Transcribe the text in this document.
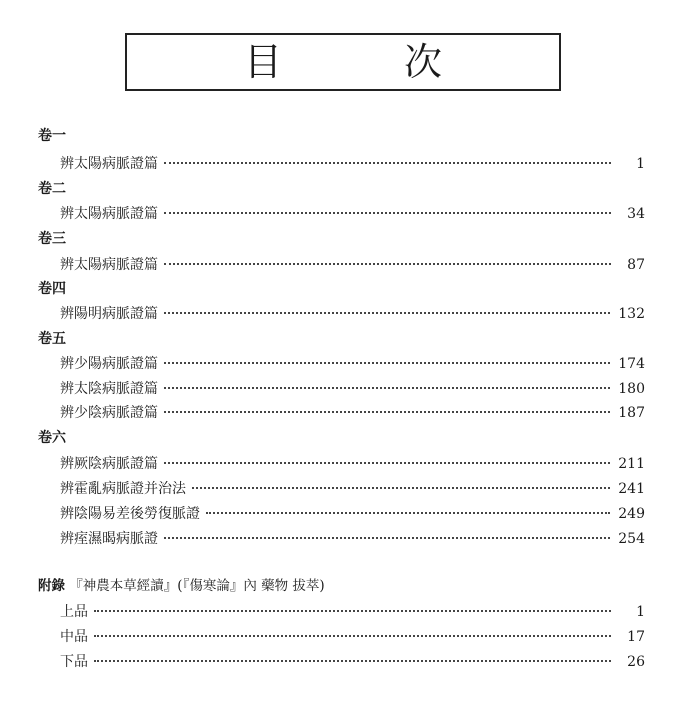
目　次
卷一
辨太陽病脈證篇	1
卷二
辨太陽病脈證篇	34
卷三
辨太陽病脈證篇	87
卷四
辨陽明病脈證篇	132
卷五
辨少陽病脈證篇	174
辨太陰病脈證篇	180
辨少陰病脈證篇	187
卷六
辨厥陰病脈證篇	211
辨霍亂病脈證并治法	241
辨陰陽易差後勞復脈證	249
辨痓濕暍病脈證	254
附錄 『神農本草經讀』(『傷寒論』內 藥物 拔萃)
上品	1
中品	17
下品	26
